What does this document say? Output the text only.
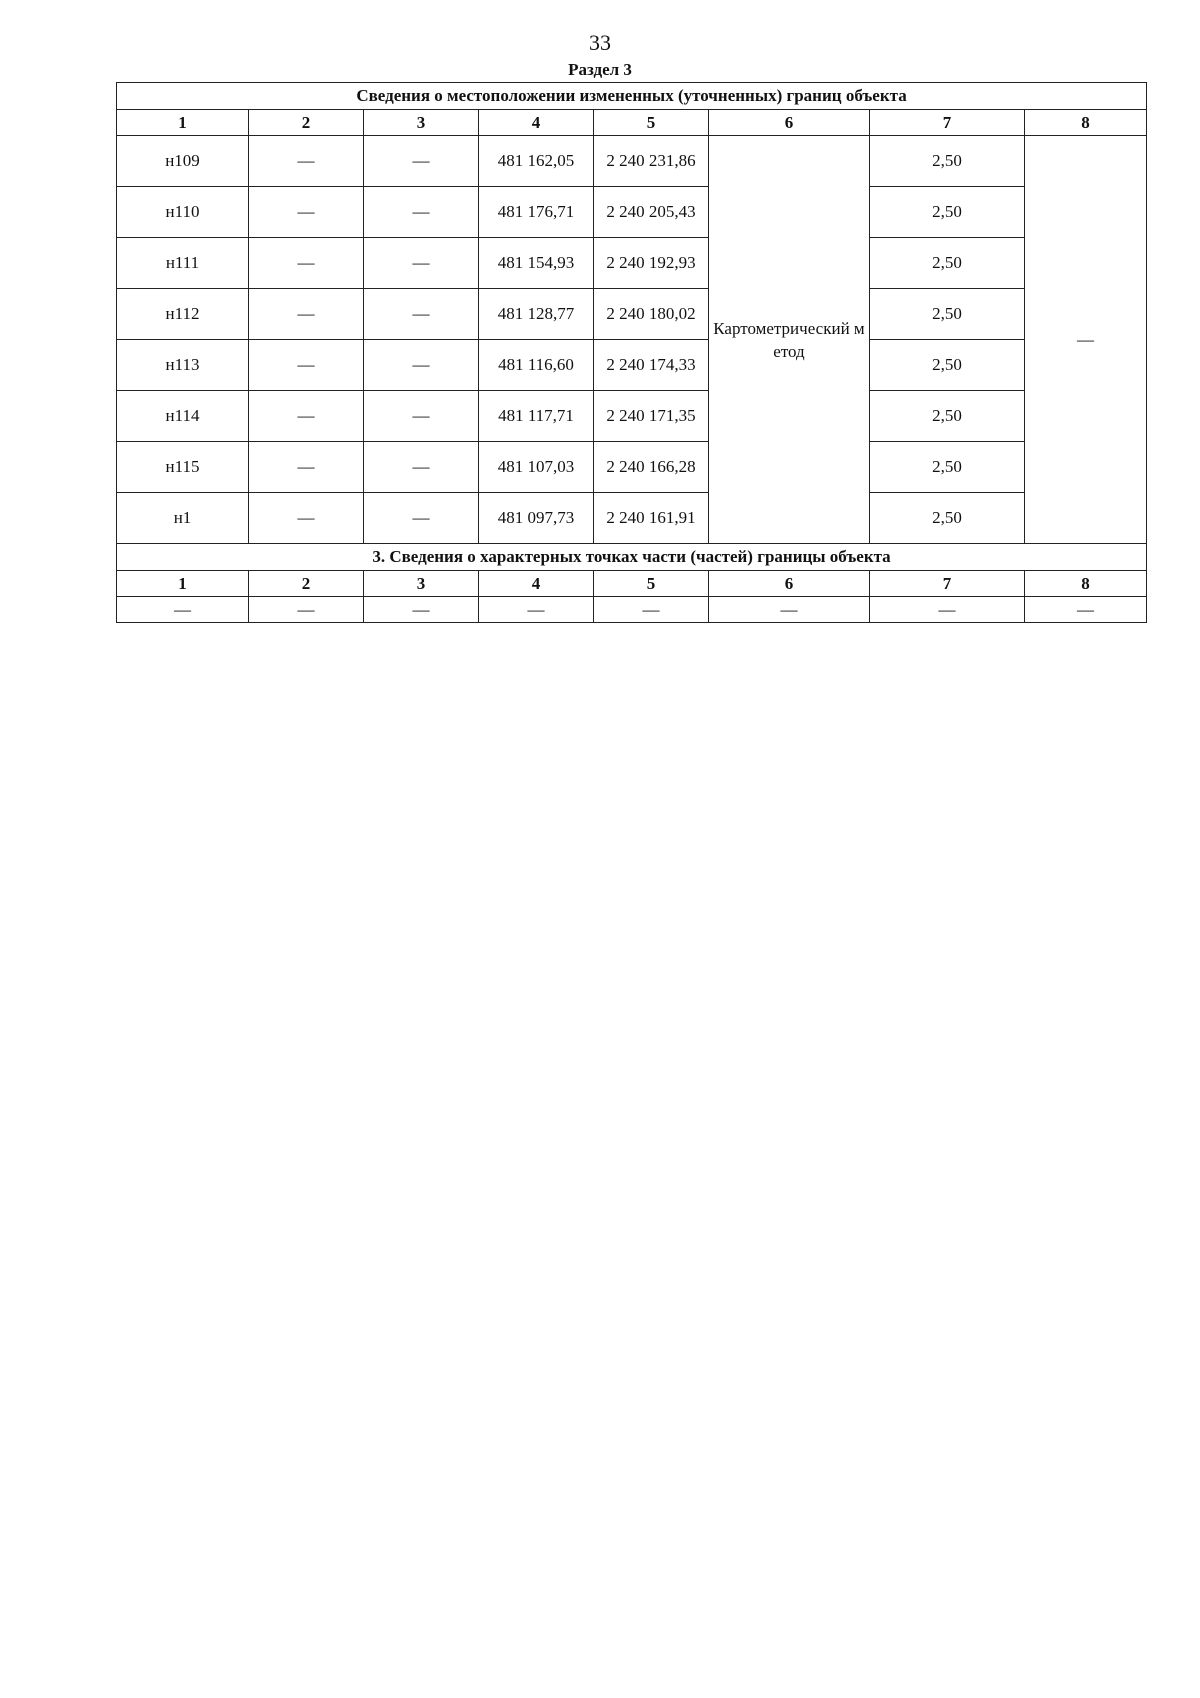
33
Раздел 3
Сведения о местоположении измененных (уточненных) границ объекта							
1	2	3	4	5	6	7	8
н109	—	—	481 162,05	2 240 231,86	Картометрический метод	2,50	—
н110	—	—	481 176,71	2 240 205,43		2,50	
н111	—	—	481 154,93	2 240 192,93		2,50	
н112	—	—	481 128,77	2 240 180,02		2,50	
н113	—	—	481 116,60	2 240 174,33		2,50	
н114	—	—	481 117,71	2 240 171,35		2,50	
н115	—	—	481 107,03	2 240 166,28		2,50	
н1	—	—	481 097,73	2 240 161,91		2,50	
3. Сведения о характерных точках части (частей) границы объекта							
1	2	3	4	5	6	7	8
—	—	—	—	—	—	—	—
